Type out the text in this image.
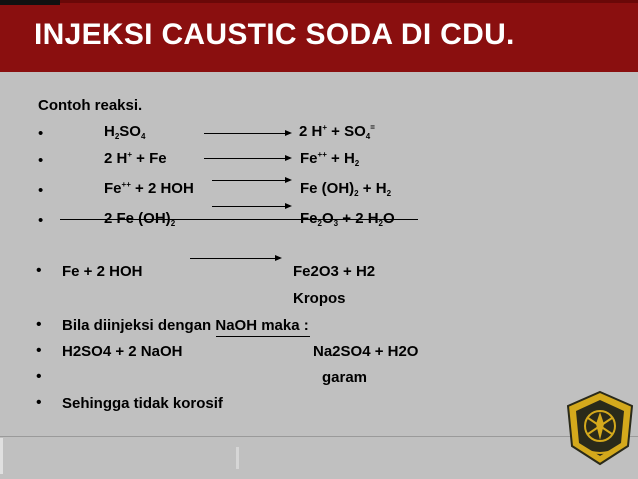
INJEKSI CAUSTIC SODA DI CDU.
Contoh reaksi.
•	$H_2SO_4$	2 $H^+ + SO_4^=$
•	2 H+ + Fe	$Fe^{++} + H_2$
•	Fe++ + 2 HOH	Fe $(OH)_2 + H_2$
•	2 Fe $(OH)_2$	$Fe_2O_3 + 2$ $H_2O$
• Fe + 2 HOH	Fe2O3 + H2
Kropos
• Bila diinjeksi dengan NaOH maka :
• H2SO4 + 2 NaOH	Na2SO4 + H2O
•	garam
• Sehingga tidak korosif
